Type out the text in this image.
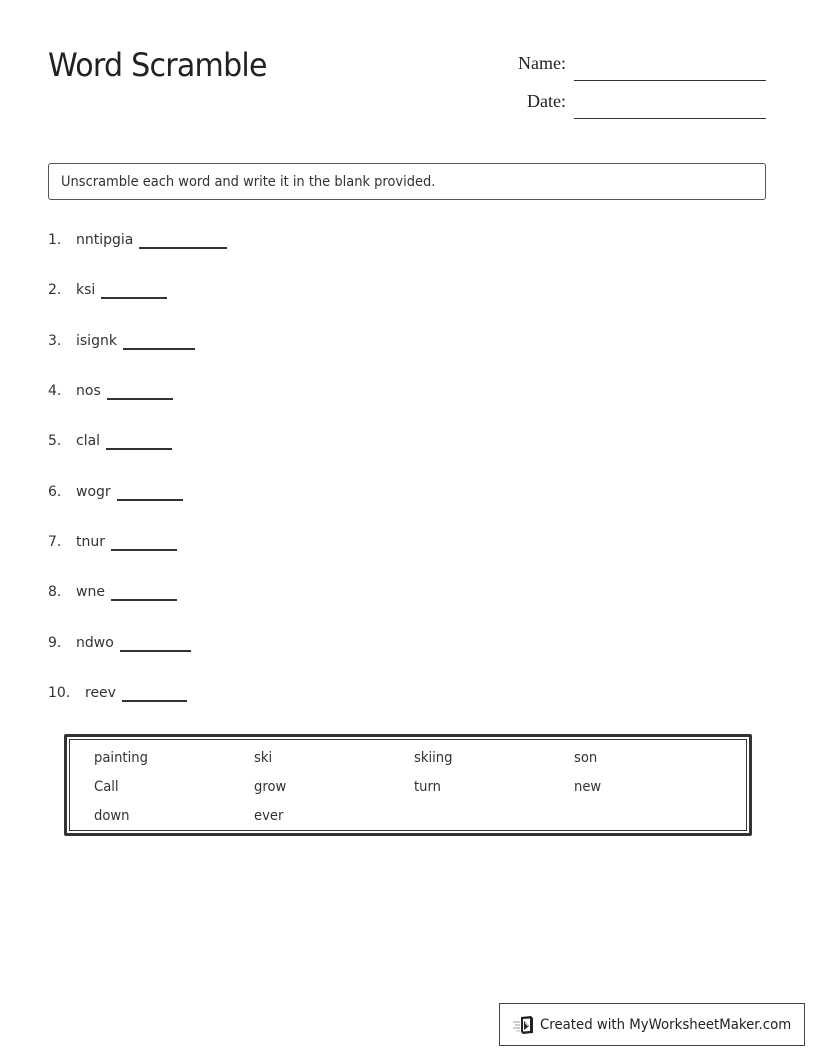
Word Scramble	Name:
Date:
Unscramble each word and write it in the blank provided.
1.	nntipgia
2.	ksi
3.	isignk
4.	nos
5.	clal
6.	wogr
7.	tnur
8.	wne
9.	ndwo
10.	reev
painting	ski	skiing	son
Call	grow	turn	new
down	ever
Created with MyWorksheetMaker.com
